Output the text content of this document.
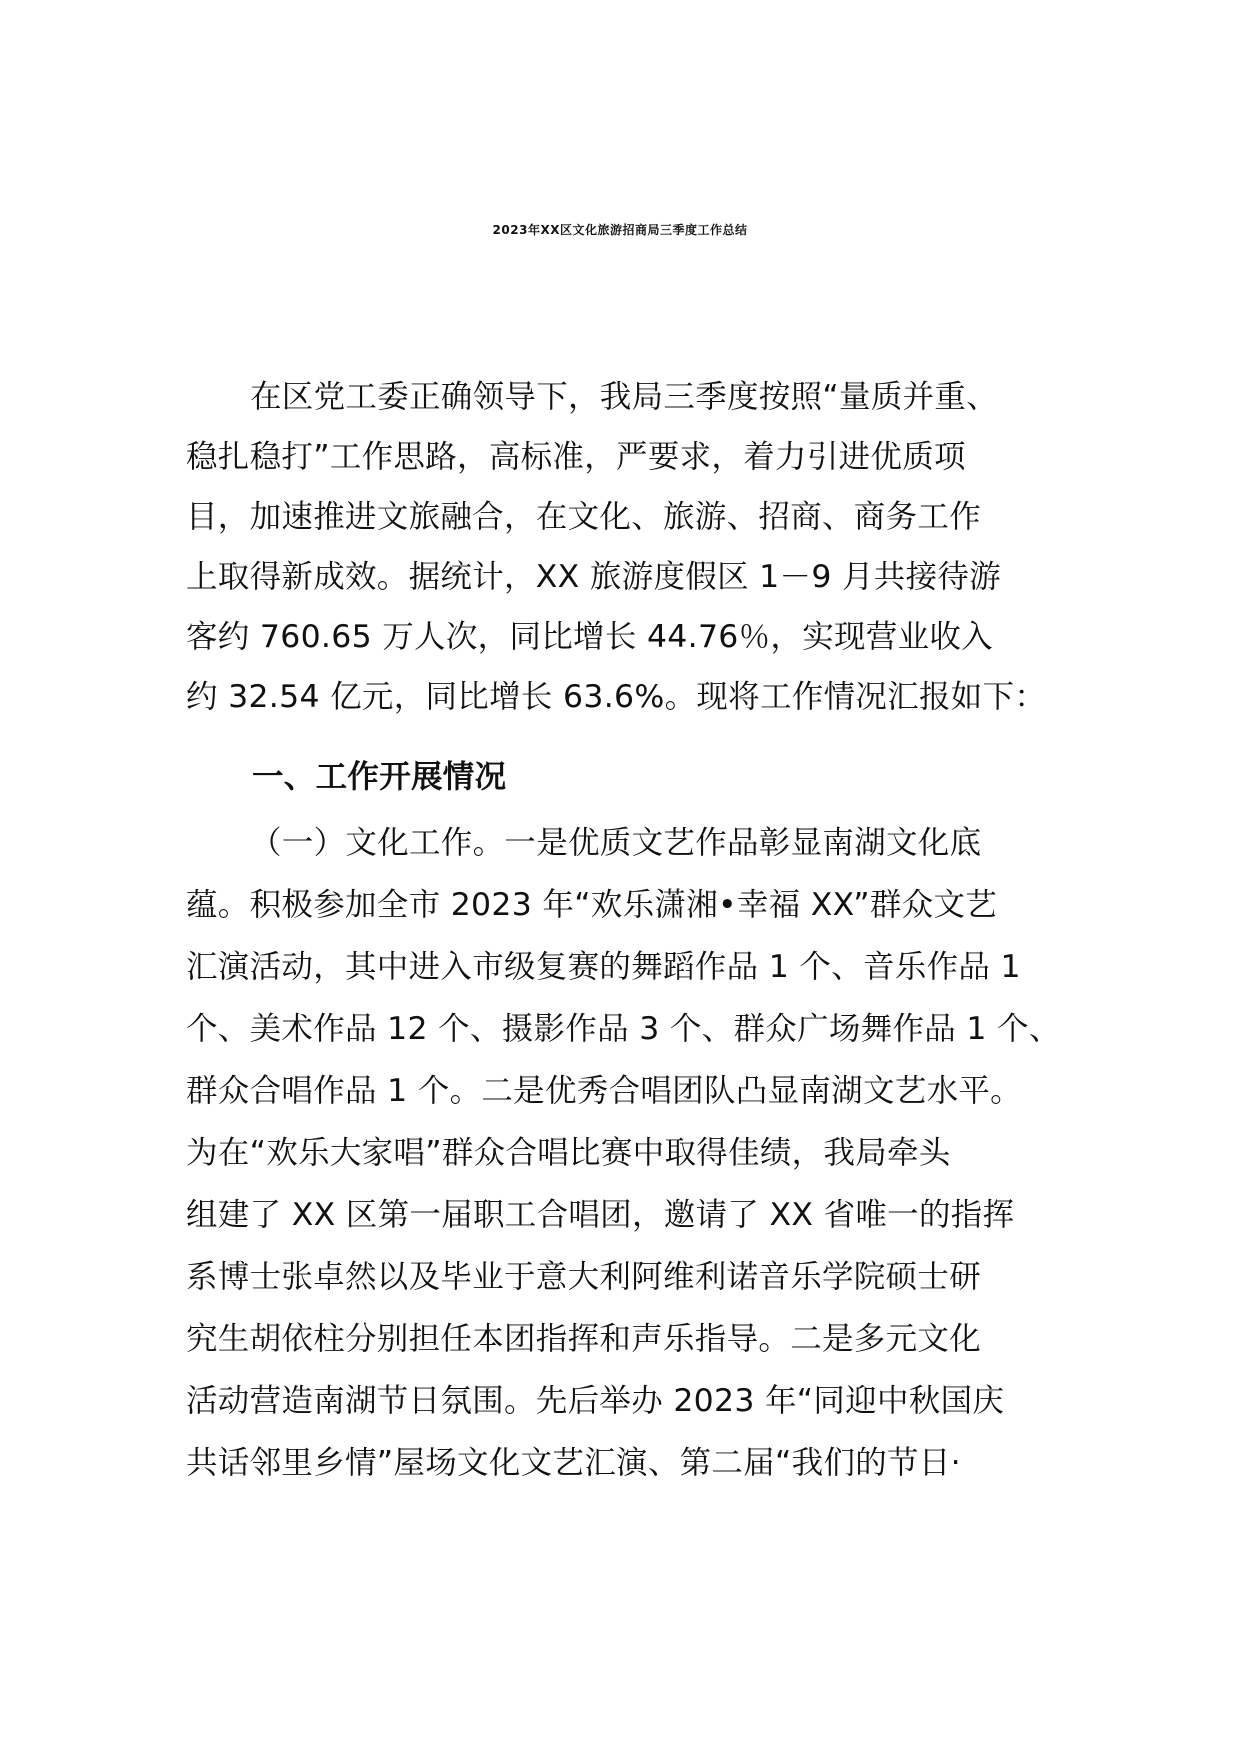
2023年XX区文化旅游招商局三季度工作总结

在区党工委正确领导下，我局三季度按照“量质并重、

稳扎稳打”工作思路，高标准，严要求，着力引进优质项

目，加速推进文旅融合，在文化、旅游、招商、商务工作

上取得新成效。据统计，XX 旅游度假区 1－9 月共接待游

客约 760.65 万人次，同比增长 44.76％，实现营业收入

约 32.54 亿元，同比增长 63.6%。现将工作情况汇报如下：

一、工作开展情况

（一）文化工作。一是优质文艺作品彰显南湖文化底

蕴。积极参加全市 2023 年“欢乐潇湘•幸福 XX”群众文艺

汇演活动，其中进入市级复赛的舞蹈作品 1 个、音乐作品 1

个、美术作品 12 个、摄影作品 3 个、群众广场舞作品 1 个、

群众合唱作品 1 个。二是优秀合唱团队凸显南湖文艺水平。

为在“欢乐大家唱”群众合唱比赛中取得佳绩，我局牵头

组建了 XX 区第一届职工合唱团，邀请了 XX 省唯一的指挥

系博士张卓然以及毕业于意大利阿维利诺音乐学院硕士研

究生胡依柱分别担任本团指挥和声乐指导。二是多元文化

活动营造南湖节日氛围。先后举办 2023 年“同迎中秋国庆

共话邻里乡情”屋场文化文艺汇演、第二届“我们的节日·
